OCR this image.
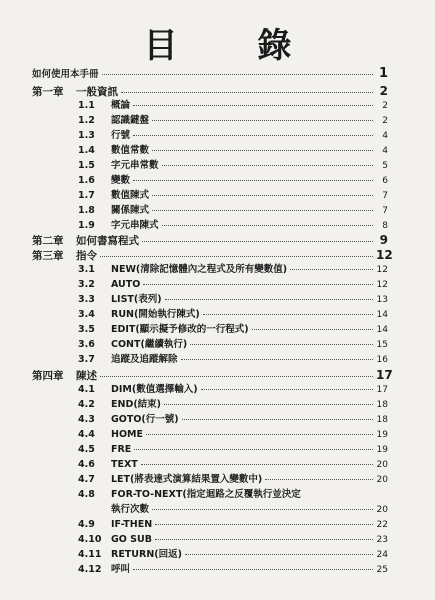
目 錄
如何使用本手冊	1
第一章	一般資訊	2
1.1	概論	2
1.2	認識鍵盤	2
1.3	行號	4
1.4	數值常數	4
1.5	字元串常數	5
1.6	變數	6
1.7	數值陳式	7
1.8	關係陳式	7
1.9	字元串陳式	8
第二章	如何書寫程式	9
第三章	指令	12
3.1	NEW(清除記憶體內之程式及所有變數值)	12
3.2	AUTO	12
3.3	LIST(表列)	13
3.4	RUN(開始執行陳式)	14
3.5	EDIT(顯示擬予修改的一行程式)	14
3.6	CONT(繼續執行)	15
3.7	追蹤及追蹤解除	16
第四章	陳述	17
4.1	DIM(數值選擇輸入)	17
4.2	END(結束)	18
4.3	GOTO(行一號)	18
4.4	HOME	19
4.5	FRE	19
4.6	TEXT	20
4.7	LET(將表達式演算結果置入變數中)	20
4.8	FOR-TO-NEXT(指定迴路之反覆執行並決定
執行次數	20
4.9	IF-THEN	22
4.10	GO SUB	23
4.11	RETURN(回返)	24
4.12	呼叫	25
